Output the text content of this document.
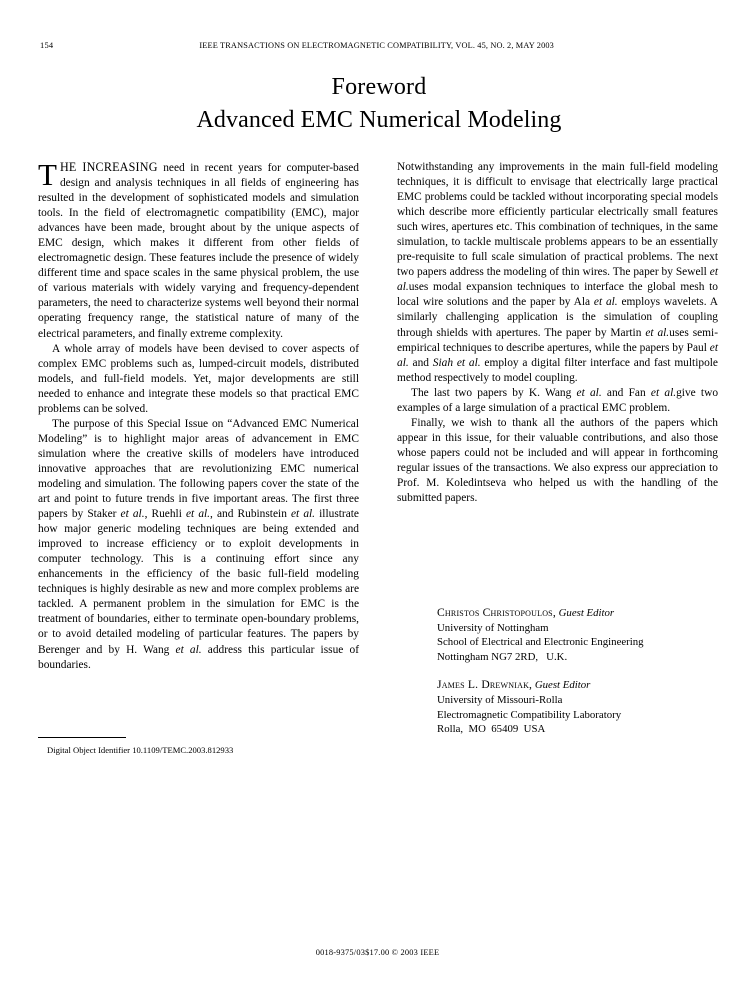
154	IEEE TRANSACTIONS ON ELECTROMAGNETIC COMPATIBILITY, VOL. 45, NO. 2, MAY 2003
Foreword
Advanced EMC Numerical Modeling

THE INCREASING need in recent years for computer-based design and analysis techniques in all fields of engineering has resulted in the development of sophisticated models and simulation tools. In the field of electromagnetic compatibility (EMC), major advances have been made, brought about by the unique aspects of EMC design, which makes it different from other fields of electromagnetic design. These features include the presence of widely different time and space scales in the same physical problem, the use of various materials with widely varying and frequency-dependent parameters, the need to characterize systems well beyond their normal operating frequency range, the statistical nature of many of the electrical parameters, and finally extreme complexity.

A whole array of models have been devised to cover aspects of complex EMC problems such as, lumped-circuit models, distributed models, and full-field models. Yet, major developments are still needed to enhance and integrate these models so that practical EMC problems can be solved.

The purpose of this Special Issue on “Advanced EMC Numerical Modeling” is to highlight major areas of advancement in EMC simulation where the creative skills of modelers have introduced innovative approaches that are revolutionizing EMC numerical modeling and simulation. The following papers cover the state of the art and point to future trends in five important areas. The first three papers by Staker et al., Ruehli et al., and Rubinstein et al. illustrate how major generic modeling techniques are being extended and improved to increase efficiency or to exploit developments in computer technology. This is a continuing effort since any enhancements in the efficiency of the basic full-field modeling techniques is highly desirable as new and more complex problems are tackled. A permanent problem in the simulation for EMC is the treatment of boundaries, either to terminate open-boundary problems, or to avoid detailed modeling of particular features. The papers by Berenger and by H. Wang et al. address this particular issue of boundaries.

Notwithstanding any improvements in the main full-field modeling techniques, it is difficult to envisage that electrically large practical EMC problems could be tackled without incorporating special models which describe more efficiently particular electrically small features such wires, apertures etc. This combination of techniques, in the same simulation, to tackle multiscale problems appears to be an essentially pre-requisite to full scale simulation of practical problems. The next two papers address the modeling of thin wires. The paper by Sewell et al.uses modal expansion techniques to interface the global mesh to local wire solutions and the paper by Ala et al. employs wavelets. A similarly challenging application is the simulation of coupling through shields with apertures. The paper by Martin et al.uses semi-empirical techniques to describe apertures, while the papers by Paul et al. and Siah et al. employ a digital filter interface and fast multipole method respectively to model coupling.

The last two papers by K. Wang et al. and Fan et al.give two examples of a large simulation of a practical EMC problem.

Finally, we wish to thank all the authors of the papers which appear in this issue, for their valuable contributions, and also those whose papers could not be included and will appear in forthcoming regular issues of the transactions. We also express our appreciation to Prof. M. Koledintseva who helped us with the handling of the submitted papers.

Christos Christopoulos, Guest Editor
University of Nottingham
School of Electrical and Electronic Engineering
Nottingham NG7 2RD,   U.K.
James L. Drewniak, Guest Editor
University of Missouri-Rolla
Electromagnetic Compatibility Laboratory
Rolla,  MO  65409  USA
Digital Object Identifier 10.1109/TEMC.2003.812933
0018-9375/03$17.00 © 2003 IEEE
